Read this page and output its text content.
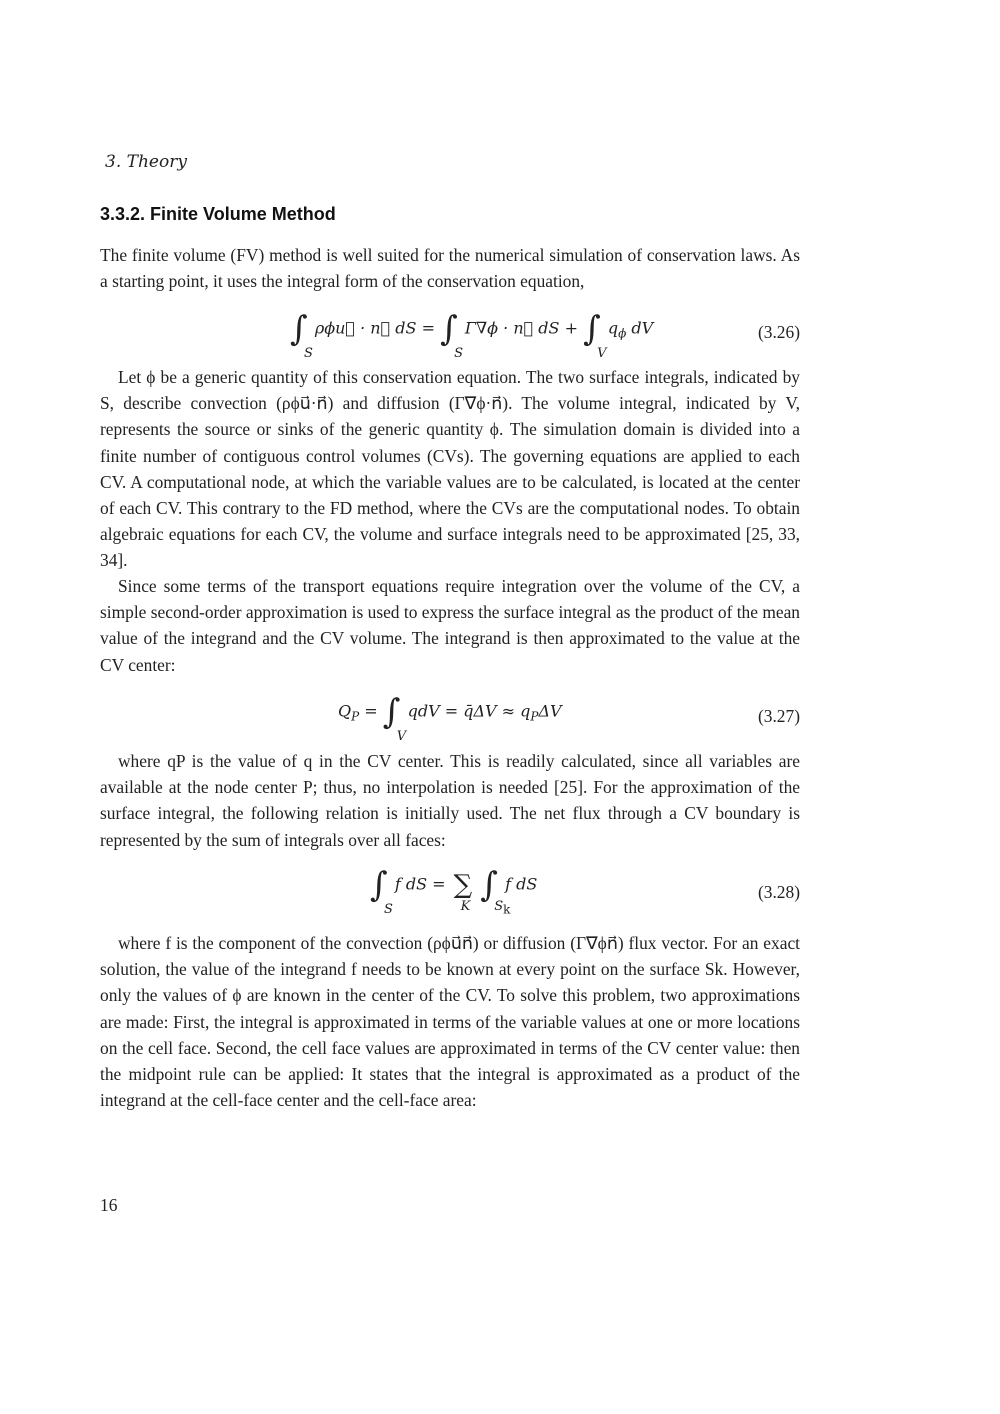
3. Theory
3.3.2. Finite Volume Method

The finite volume (FV) method is well suited for the numerical simulation of conservation laws. As a starting point, it uses the integral form of the conservation equation,

∫
S
ρϕu⃗ · n⃗ dS = ∫
S
Γ∇ϕ · n⃗ dS + ∫
V
$q_\phi$ dV	(3.26)

Let ϕ be a generic quantity of this conservation equation. The two surface integrals, indicated by S, describe convection (ρϕu⃗·n⃗) and diffusion (Γ∇ϕ·n⃗). The volume integral, indicated by V, represents the source or sinks of the generic quantity ϕ. The simulation domain is divided into a finite number of contiguous control volumes (CVs). The governing equations are applied to each CV. A computational node, at which the variable values are to be calculated, is located at the center of each CV. This contrary to the FD method, where the CVs are the computational nodes. To obtain algebraic equations for each CV, the volume and surface integrals need to be approximated [25, 33, 34].

Since some terms of the transport equations require integration over the volume of the CV, a simple second-order approximation is used to express the surface integral as the product of the mean value of the integrand and the CV volume. The integrand is then approximated to the value at the CV center:

$Q_P$ = ∫
V
qdV = q̄ΔV ≈ $q_P\Delta V$	(3.27)

where qP is the value of q in the CV center. This is readily calculated, since all variables are available at the node center P; thus, no interpolation is needed [25]. For the approximation of the surface integral, the following relation is initially used. The net flux through a CV boundary is represented by the sum of integrals over all faces:

∫
S
f dS = ∑
K
∫
$S_k$
f dS	(3.28)

where f is the component of the convection (ρϕu⃗n⃗) or diffusion (Γ∇ϕn⃗) flux vector. For an exact solution, the value of the integrand f needs to be known at every point on the surface Sk. However, only the values of ϕ are known in the center of the CV. To solve this problem, two approximations are made: First, the integral is approximated in terms of the variable values at one or more locations on the cell face. Second, the cell face values are approximated in terms of the CV center value: then the midpoint rule can be applied: It states that the integral is approximated as a product of the integrand at the cell-face center and the cell-face area:

16
